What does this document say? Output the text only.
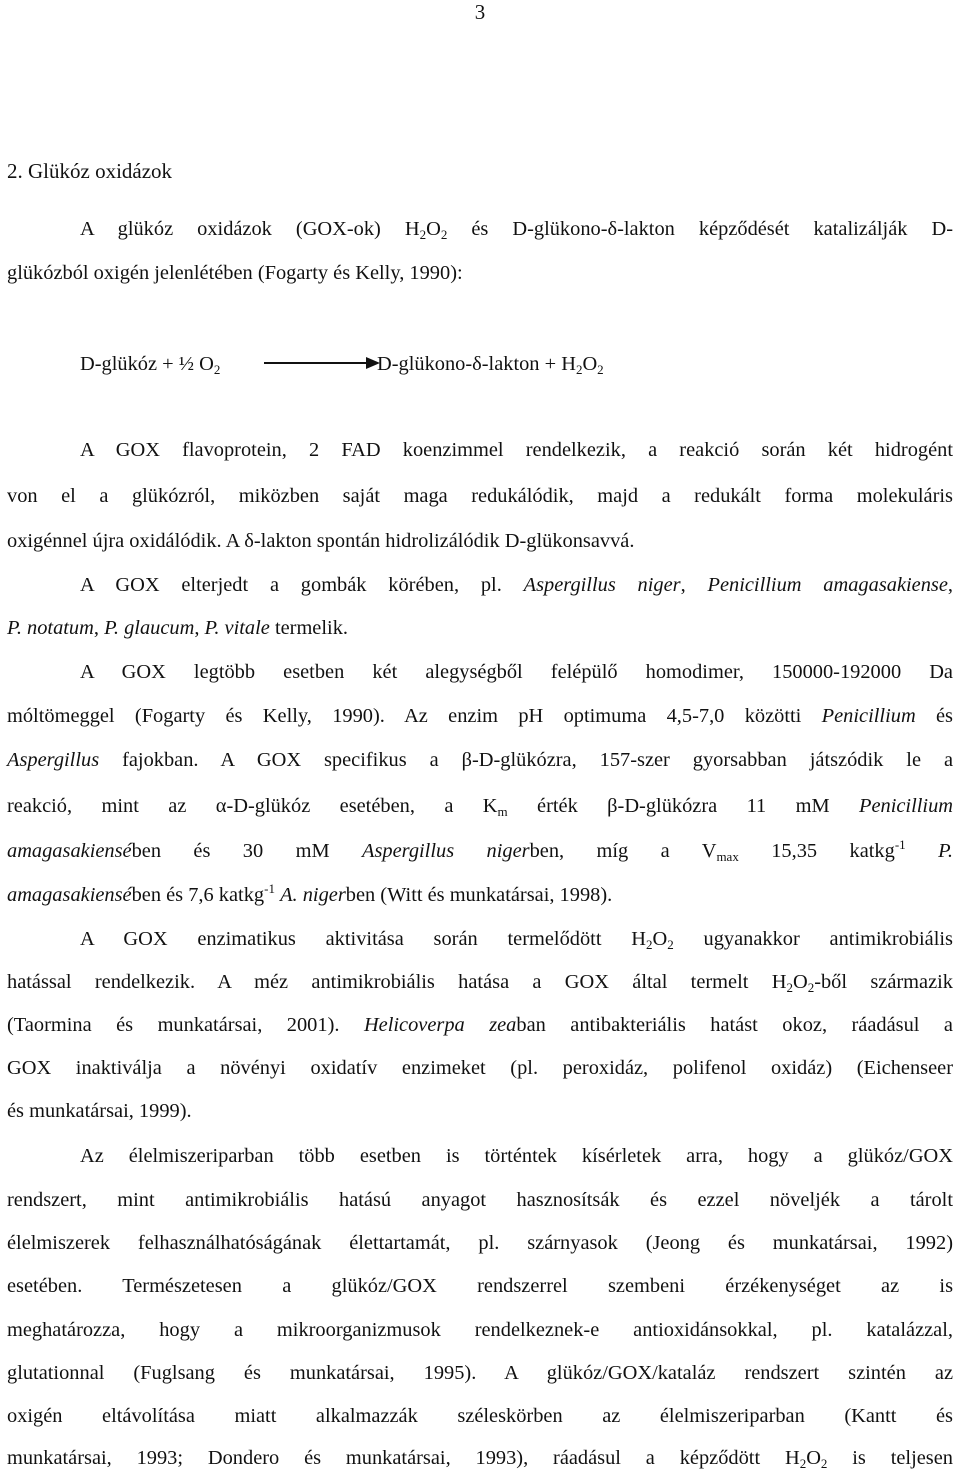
3
2. Glükóz oxidázok
A glükóz oxidázok (GOX-ok) $H_2O_2$ és D-glükono-δ-lakton képződését katalizálják D-
glükózból oxigén jelenlétében (Fogarty és Kelly, 1990):
D-glükóz + ½ $O_2$	D-glükono-δ-lakton + $H_2O_2$
A GOX flavoprotein, 2 FAD koenzimmel rendelkezik, a reakció során két hidrogént
von el a glükózról, miközben saját maga redukálódik, majd a redukált forma molekuláris
oxigénnel újra oxidálódik. A δ-lakton spontán hidrolizálódik D-glükonsavvá.
A GOX elterjedt a gombák körében, pl. Aspergillus niger, Penicillium amagasakiense,
P. notatum, P. glaucum, P. vitale termelik.
A GOX legtöbb esetben két alegységből felépülő homodimer, 150000-192000 Da
móltömeggel (Fogarty és Kelly, 1990). Az enzim pH optimuma 4,5-7,0 közötti Penicillium és
Aspergillus fajokban. A GOX specifikus a β-D-glükózra, 157-szer gyorsabban játszódik le a
reakció, mint az α-D-glükóz esetében, a $K_m$ érték β-D-glükózra 11 mM Penicillium
amagasakiensében és 30 mM Aspergillus nigerben, míg a $V_{max}$ 15,35 katkg$^{-1}$ P.
amagasakiensében és 7,6 katkg$^{-1}$ A. nigerben (Witt és munkatársai, 1998).
A GOX enzimatikus aktivitása során termelődött $H_2O_2$ ugyanakkor antimikrobiális
hatással rendelkezik. A méz antimikrobiális hatása a GOX által termelt $H_2O_2$-ből származik
(Taormina és munkatársai, 2001). Helicoverpa zeaban antibakteriális hatást okoz, ráadásul a
GOX inaktiválja a növényi oxidatív enzimeket (pl. peroxidáz, polifenol oxidáz) (Eichenseer
és munkatársai, 1999).
Az élelmiszeriparban több esetben is történtek kísérletek arra, hogy a glükóz/GOX
rendszert, mint antimikrobiális hatású anyagot hasznosítsák és ezzel növeljék a tárolt
élelmiszerek felhasználhatóságának élettartamát, pl. szárnyasok (Jeong és munkatársai, 1992)
esetében. Természetesen a glükóz/GOX rendszerrel szembeni érzékenységet az is
meghatározza, hogy a mikroorganizmusok rendelkeznek-e antioxidánsokkal, pl. katalázzal,
glutationnal (Fuglsang és munkatársai, 1995). A glükóz/GOX/kataláz rendszert szintén az
oxigén eltávolítása miatt alkalmazzák széleskörben az élelmiszeriparban (Kantt és
munkatársai, 1993; Dondero és munkatársai, 1993), ráadásul a képződött $H_2O_2$ is teljesen
